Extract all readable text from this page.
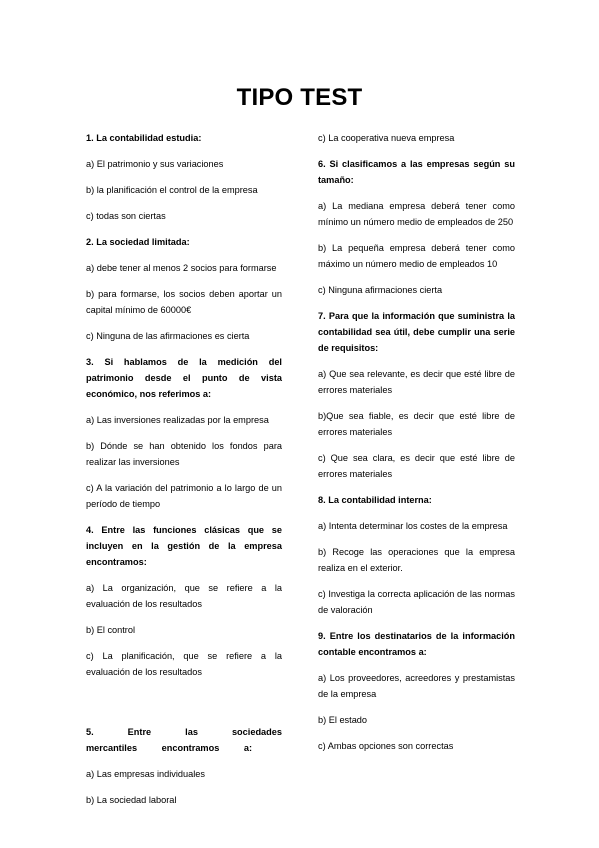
TIPO TEST

1. La contabilidad estudia:

a) El patrimonio y sus variaciones

b) la planificación el control de la empresa

c) todas son ciertas

2. La sociedad limitada:

a) debe tener al menos 2 socios para formarse

b) para formarse, los socios deben aportar un capital mínimo de 60000€

c) Ninguna de las afirmaciones es cierta

3. Si hablamos de la medición del patrimonio desde el punto de vista económico, nos referimos a:

a) Las inversiones realizadas por la empresa

b) Dónde se han obtenido los fondos para realizar las inversiones

c) A la variación del patrimonio a lo largo de un período de tiempo

4. Entre las funciones clásicas que se incluyen en la gestión de la empresa encontramos:

a) La organización, que se refiere a la evaluación de los resultados

b) El control

c) La planificación, que se refiere a la evaluación de los resultados

5. Entre las sociedades mercantiles encontramos a:

a) Las empresas individuales

b) La sociedad laboral

c) La cooperativa nueva empresa

6. Si clasificamos a las empresas según su tamaño:

a) La mediana empresa deberá tener como mínimo un número medio de empleados de 250

b) La pequeña empresa deberá tener como máximo un número medio de empleados 10

c) Ninguna afirmaciones cierta

7. Para que la información que suministra la contabilidad sea útil, debe cumplir una serie de requisitos:

a) Que sea relevante, es decir que esté libre de errores materiales

b)Que sea fiable, es decir que esté libre de errores materiales

c) Que sea clara, es decir que esté libre de errores materiales

8. La contabilidad interna:

a) Intenta determinar los costes de la empresa

b) Recoge las operaciones que la empresa realiza en el exterior.

c) Investiga la correcta aplicación de las normas de valoración

9. Entre los destinatarios de la información contable encontramos a:

a) Los proveedores, acreedores y prestamistas de la empresa

b) El estado

c) Ambas opciones son correctas
